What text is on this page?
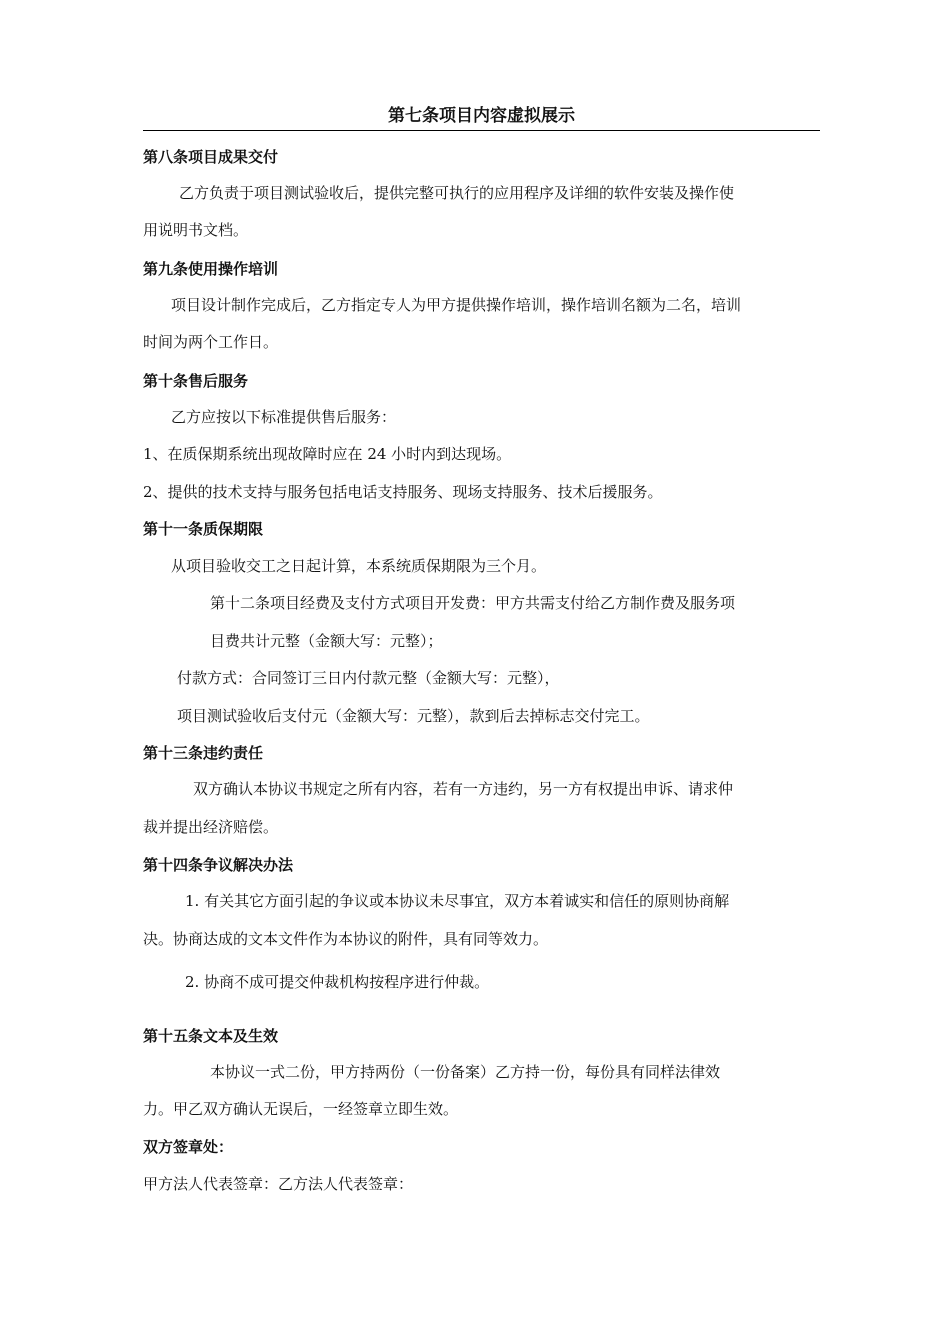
第七条项目内容虚拟展示
第八条项目成果交付
乙方负责于项目测试验收后，提供完整可执行的应用程序及详细的软件安装及操作使
用说明书文档。
第九条使用操作培训
项目设计制作完成后，乙方指定专人为甲方提供操作培训，操作培训名额为二名，培训
时间为两个工作日。
第十条售后服务
乙方应按以下标准提供售后服务：
1、在质保期系统出现故障时应在 24 小时内到达现场。
2、提供的技术支持与服务包括电话支持服务、现场支持服务、技术后援服务。
第十一条质保期限
从项目验收交工之日起计算，本系统质保期限为三个月。
第十二条项目经费及支付方式项目开发费：甲方共需支付给乙方制作费及服务项
目费共计元整（金额大写：元整）；
付款方式：合同签订三日内付款元整（金额大写：元整），
项目测试验收后支付元（金额大写：元整），款到后去掉标志交付完工。
第十三条违约责任
双方确认本协议书规定之所有内容，若有一方违约，另一方有权提出申诉、请求仲
裁并提出经济赔偿。
第十四条争议解决办法
1. 有关其它方面引起的争议或本协议未尽事宜，双方本着诚实和信任的原则协商解
决。协商达成的文本文件作为本协议的附件，具有同等效力。
2. 协商不成可提交仲裁机构按程序进行仲裁。
第十五条文本及生效
本协议一式二份，甲方持两份（一份备案）乙方持一份，每份具有同样法律效
力。甲乙双方确认无误后，一经签章立即生效。
双方签章处：
甲方法人代表签章：乙方法人代表签章：
